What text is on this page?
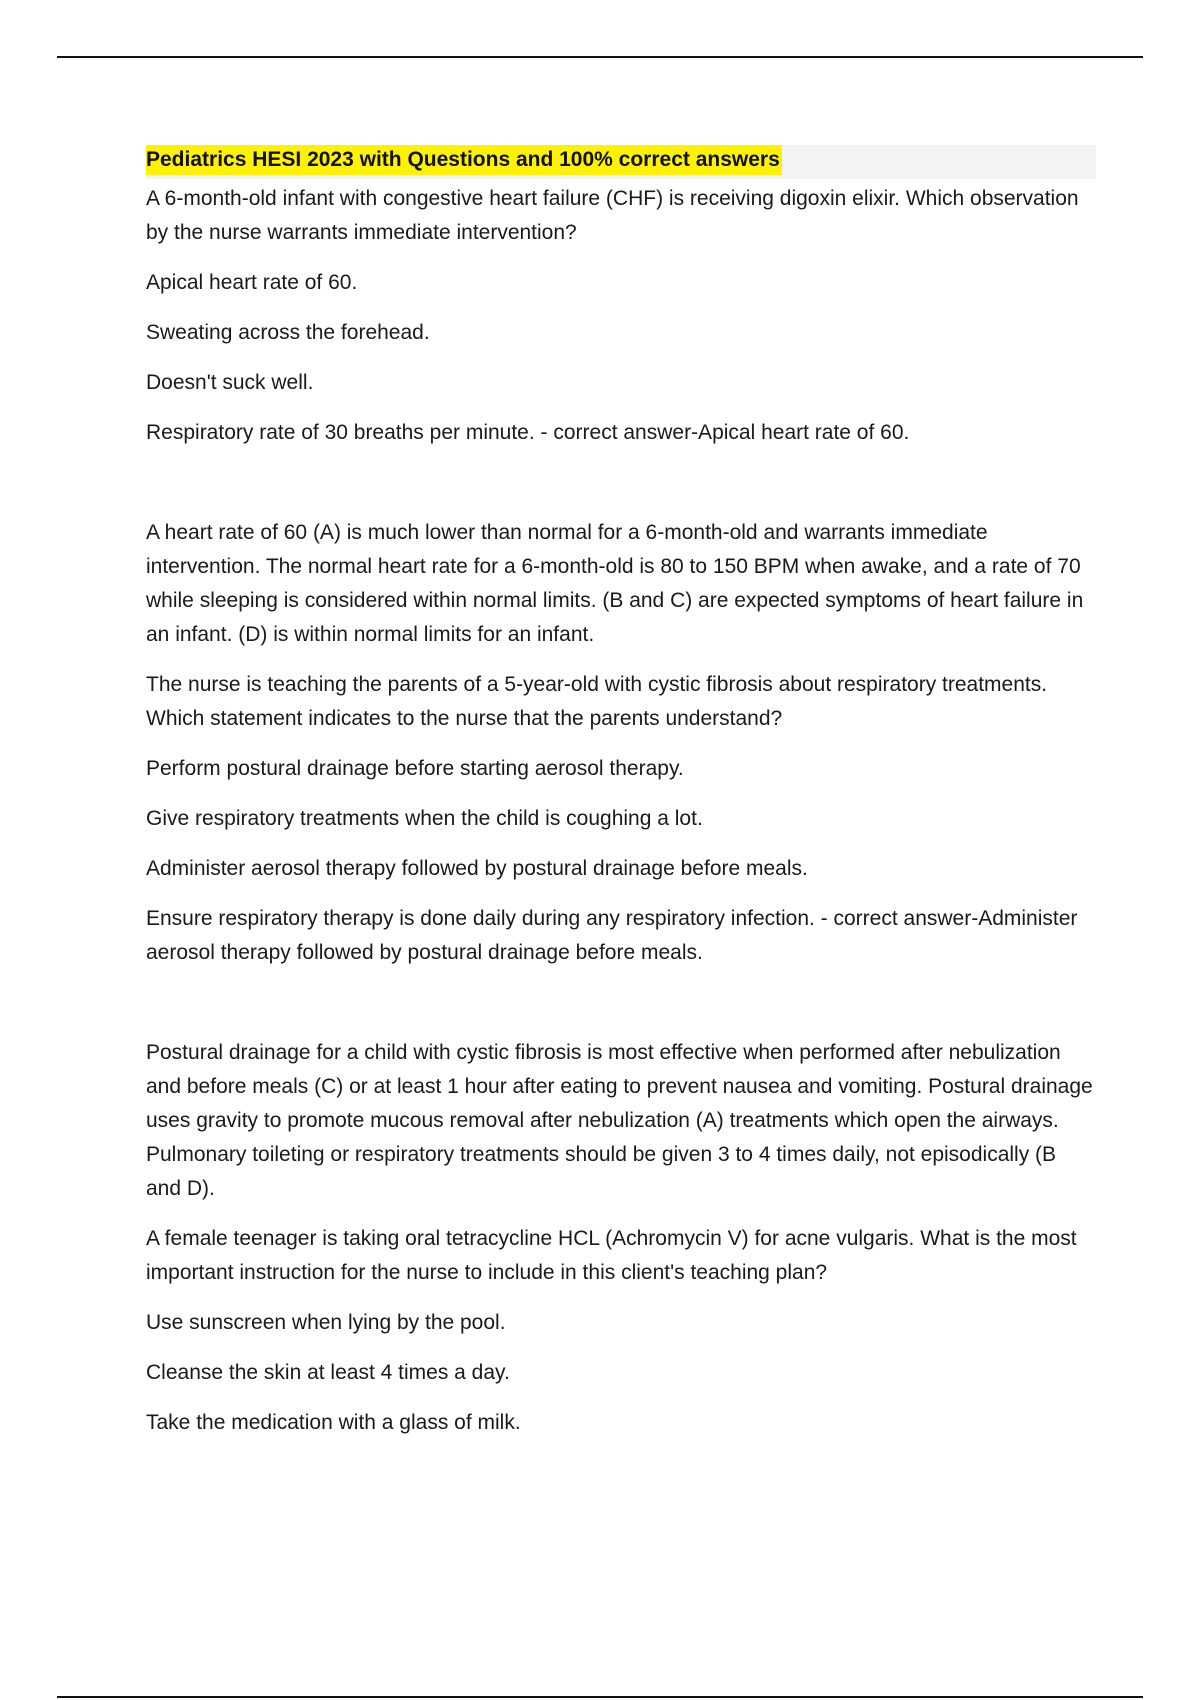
Pediatrics HESI 2023 with Questions and 100% correct answers

A 6-month-old infant with congestive heart failure (CHF) is receiving digoxin elixir. Which observation by the nurse warrants immediate intervention?

Apical heart rate of 60.

Sweating across the forehead.

Doesn't suck well.

Respiratory rate of 30 breaths per minute. - correct answer-Apical heart rate of 60.

A heart rate of 60 (A) is much lower than normal for a 6-month-old and warrants immediate intervention. The normal heart rate for a 6-month-old is 80 to 150 BPM when awake, and a rate of 70 while sleeping is considered within normal limits. (B and C) are expected symptoms of heart failure in an infant. (D) is within normal limits for an infant.

The nurse is teaching the parents of a 5-year-old with cystic fibrosis about respiratory treatments. Which statement indicates to the nurse that the parents understand?

Perform postural drainage before starting aerosol therapy.

Give respiratory treatments when the child is coughing a lot.

Administer aerosol therapy followed by postural drainage before meals.

Ensure respiratory therapy is done daily during any respiratory infection. - correct answer-Administer aerosol therapy followed by postural drainage before meals.

Postural drainage for a child with cystic fibrosis is most effective when performed after nebulization and before meals (C) or at least 1 hour after eating to prevent nausea and vomiting. Postural drainage uses gravity to promote mucous removal after nebulization (A) treatments which open the airways. Pulmonary toileting or respiratory treatments should be given 3 to 4 times daily, not episodically (B and D).

A female teenager is taking oral tetracycline HCL (Achromycin V) for acne vulgaris. What is the most important instruction for the nurse to include in this client's teaching plan?

Use sunscreen when lying by the pool.

Cleanse the skin at least 4 times a day.

Take the medication with a glass of milk.
